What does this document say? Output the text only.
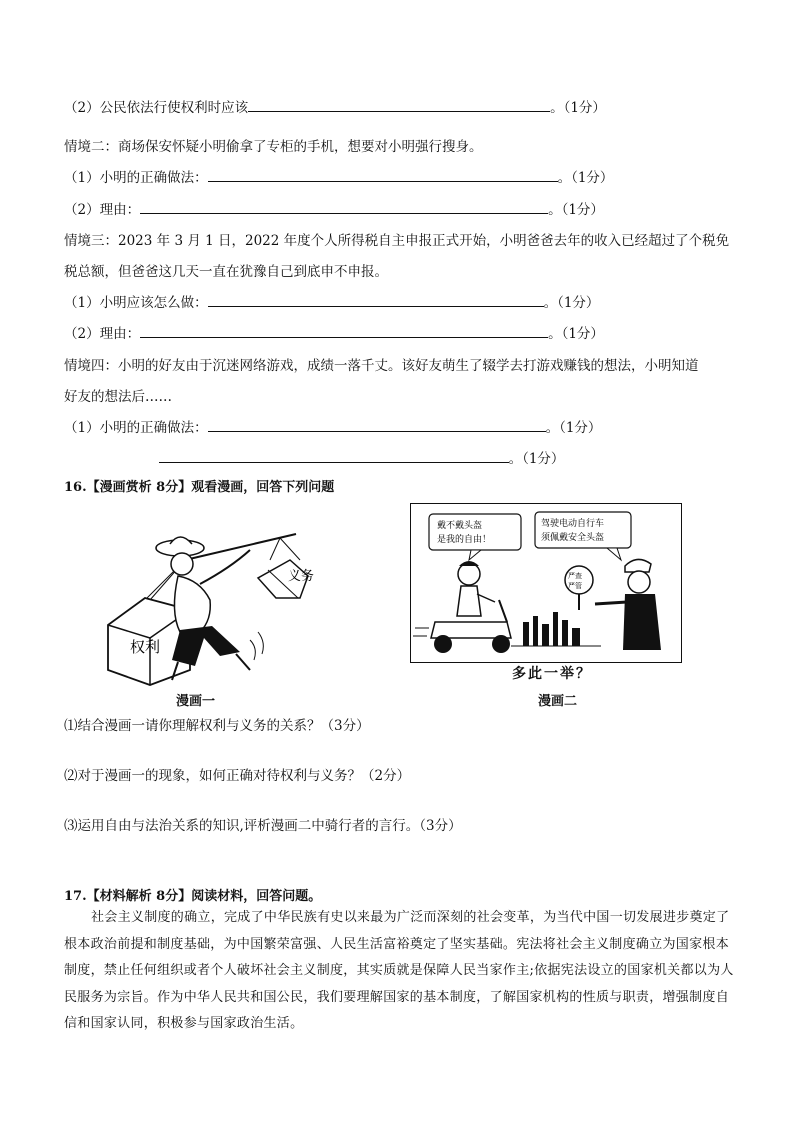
（2）公民依法行使权利时应该	。（1分）
情境二：商场保安怀疑小明偷拿了专柜的手机，想要对小明强行搜身。
（1）小明的正确做法：	。（1分）
（2）理由：	。（1分）
情境三：2023 年 3 月 1 日，2022 年度个人所得税自主申报正式开始，小明爸爸去年的收入已经超过了个税免
税总额，但爸爸这几天一直在犹豫自己到底申不申报。
（1）小明应该怎么做：	。（1分）
（2）理由：	。（1分）
情境四：小明的好友由于沉迷网络游戏，成绩一落千丈。该好友萌生了辍学去打游戏赚钱的想法，小明知道
好友的想法后……
（1）小明的正确做法：	。（1分）
。（1分）
16.【漫画赏析 8分】观看漫画，回答下列问题
权利
义务
漫画一
戴不戴头盔
是我的自由！
驾驶电动自行车
须佩戴安全头盔
严查
严管
多此一举？
漫画二
⑴结合漫画一请你理解权利与义务的关系？（3分）
⑵对于漫画一的现象，如何正确对待权利与义务？（2分）
⑶运用自由与法治关系的知识,评析漫画二中骑行者的言行。（3分）
17.【材料解析 8分】阅读材料，回答问题。
社会主义制度的确立，完成了中华民族有史以来最为广泛而深刻的社会变革，为当代中国一切发展进步奠定了根本政治前提和制度基础，为中国繁荣富强、人民生活富裕奠定了坚实基础。宪法将社会主义制度确立为国家根本制度，禁止任何组织或者个人破坏社会主义制度，其实质就是保障人民当家作主;依据宪法设立的国家机关都以为人民服务为宗旨。作为中华人民共和国公民，我们要理解国家的基本制度，了解国家机构的性质与职责，增强制度自信和国家认同，积极参与国家政治生活。
